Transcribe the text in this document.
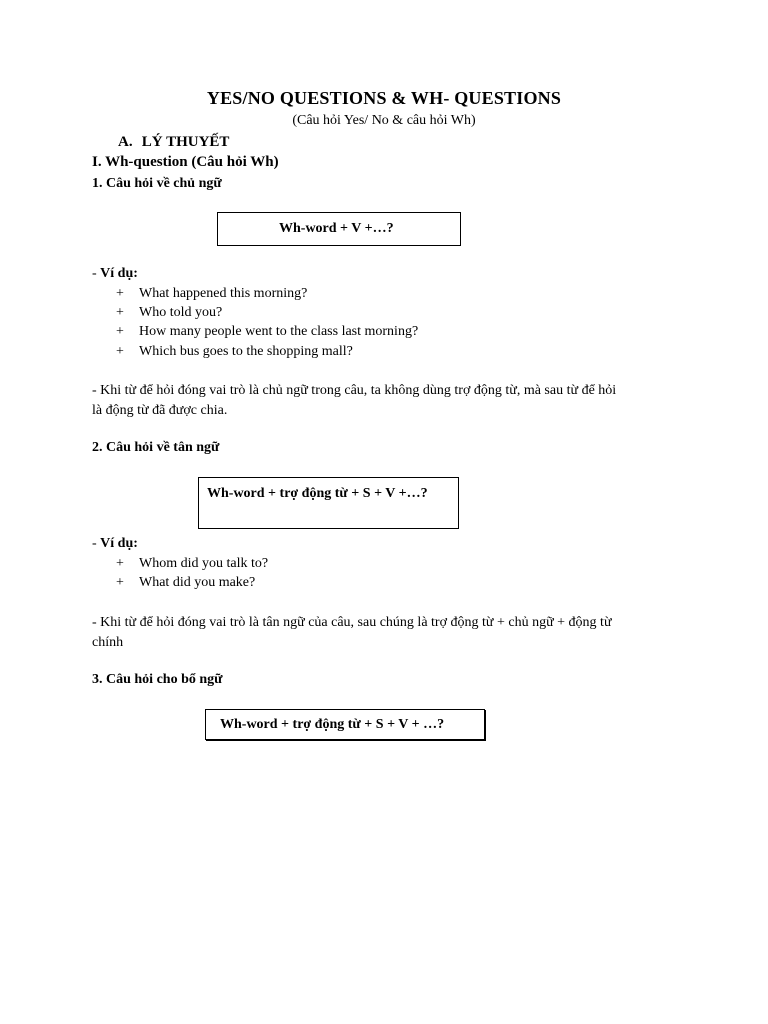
YES/NO QUESTIONS & WH- QUESTIONS
(Câu hỏi Yes/ No & câu hỏi Wh)
A. LÝ THUYẾT
I. Wh-question (Câu hỏi Wh)
1. Câu hỏi về chủ ngữ
Wh-word + V +…?
- Ví dụ:
+ What happened this morning?
+ Who told you?
+ How many people went to the class last morning?
+ Which bus goes to the shopping mall?
- Khi từ để hỏi đóng vai trò là chủ ngữ trong câu, ta không dùng trợ động từ, mà sau từ để hỏi
là động từ đã được chia.
2. Câu hỏi về tân ngữ
Wh-word + trợ động từ + S + V +…?
- Ví dụ:
+ Whom did you talk to?
+ What did you make?
- Khi từ để hỏi đóng vai trò là tân ngữ của câu, sau chúng là trợ động từ + chủ ngữ + động từ
chính
3. Câu hỏi cho bổ ngữ
Wh-word + trợ động từ + S + V + …?
